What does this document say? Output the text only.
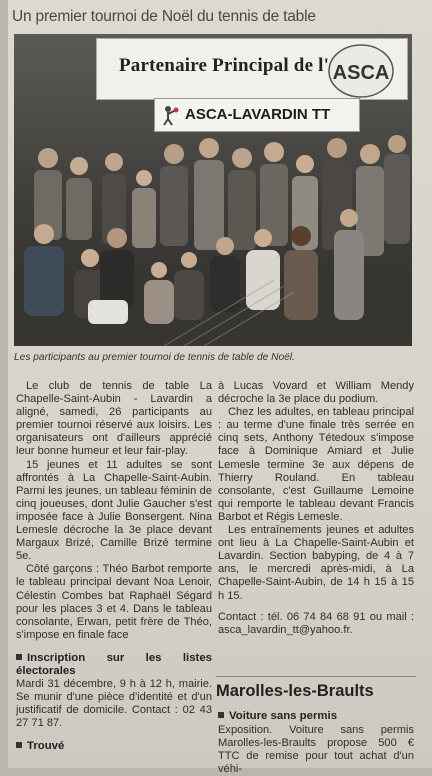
Un premier tournoi de Noël du tennis de table
Partenaire Principal de l' ASCA
ASCA-LAVARDIN TT
Les participants au premier tournoi de tennis de table de Noël.

Le club de tennis de table La Chapelle-Saint-Aubin - Lavardin a aligné, samedi, 26 participants au premier tournoi réservé aux loisirs. Les organisateurs ont d'ailleurs apprécié leur bonne humeur et leur fair-play.

15 jeunes et 11 adultes se sont affrontés à La Chapelle-Saint-Aubin. Parmi les jeunes, un tableau féminin de cinq joueuses, dont Julie Gaucher s'est imposée face à Julie Bonsergent. Nina Lemesle décroche la 3e place devant Margaux Brizé, Camille Brizé termine 5e.

Côté garçons : Théo Barbot remporte le tableau principal devant Noa Lenoir, Célestin Combes bat Raphaël Ségard pour les places 3 et 4. Dans le tableau consolante, Erwan, petit frère de Théo, s'impose en finale face

Inscription sur les listes électorales

Mardi 31 décembre, 9 h à 12 h, mairie. Se munir d'une pièce d'identité et d'un justificatif de domicile. Contact : 02 43 27 71 87.

Trouvé

à Lucas Vovard et William Mendy décroche la 3e place du podium.

Chez les adultes, en tableau principal : au terme d'une finale très serrée en cinq sets, Anthony Tétedoux s'impose face à Dominique Amiard et Julie Lemesle termine 3e aux dépens de Thierry Rouland. En tableau consolante, c'est Guillaume Lemoine qui remporte le tableau devant Francis Barbot et Régis Lemesle.

Les entraînements jeunes et adultes ont lieu à La Chapelle-Saint-Aubin et Lavardin. Section babyping, de 4 à 7 ans, le mercredi après-midi, à La Chapelle-Saint-Aubin, de 14 h 15 à 15 h 15.

Contact : tél. 06 74 84 68 91 ou mail : asca_lavardin_tt@yahoo.fr.

Marolles-les-Braults
Voiture sans permis
Exposition. Voiture sans permis Marolles-les-Braults propose 500 € TTC de remise pour tout achat d'un véhi-
